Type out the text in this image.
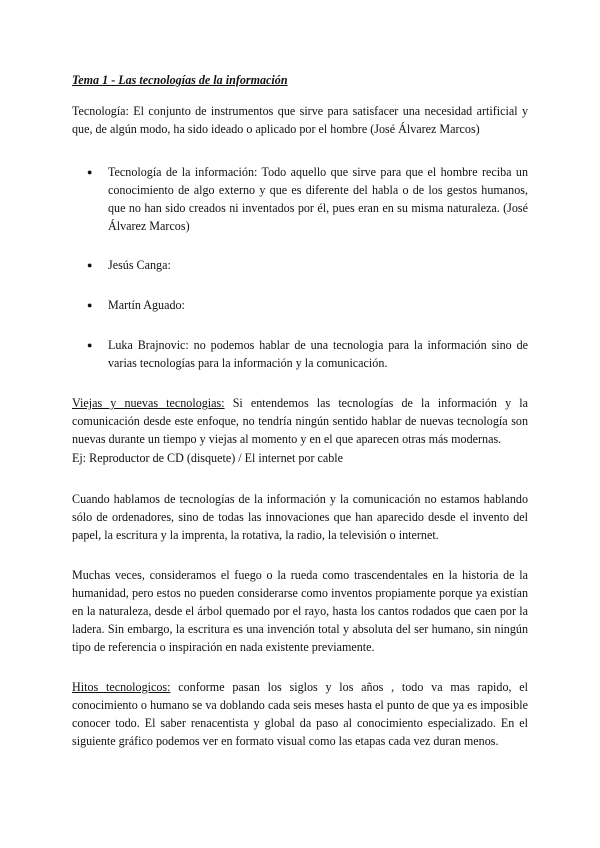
Tema 1 - Las tecnologías de la información
Tecnología: El conjunto de instrumentos que sirve para satisfacer una necesidad artificial y que, de algún modo, ha sido ideado o aplicado por el hombre (José Álvarez Marcos)
● Tecnología de la información: Todo aquello que sirve para que el hombre reciba un conocimiento de algo externo y que es diferente del habla o de los gestos humanos, que no han sido creados ni inventados por él, pues eran en su misma naturaleza. (José Álvarez Marcos)
● Jesús Canga:
● Martín Aguado:
● Luka Brajnovic: no podemos hablar de una tecnologia para la información sino de varias tecnologías para la información y la comunicación.
Viejas y nuevas tecnologias: Si entendemos las tecnologías de la información y la comunicación desde este enfoque, no tendría ningún sentido hablar de nuevas tecnología son nuevas durante un tiempo y viejas al momento y en el que aparecen otras más modernas.
Ej: Reproductor de CD (disquete) / El internet por cable
Cuando hablamos de tecnologías de la información y la comunicación no estamos hablando sólo de ordenadores, sino de todas las innovaciones que han aparecido desde el invento del papel, la escritura y la imprenta, la rotativa, la radio, la televisión o internet.
Muchas veces, consideramos el fuego o la rueda como trascendentales en la historia de la humanidad, pero estos no pueden considerarse como inventos propiamente porque ya existían en la naturaleza, desde el árbol quemado por el rayo, hasta los cantos rodados que caen por la ladera. Sin embargo, la escritura es una invención total y absoluta del ser humano, sin ningún tipo de referencia o inspiración en nada existente previamente.
Hitos tecnologicos: conforme pasan los siglos y los años , todo va mas rapido, el conocimiento o humano se va doblando cada seis meses hasta el punto de que ya es imposible conocer todo. El saber renacentista y global da paso al conocimiento especializado. En el siguiente gráfico podemos ver en formato visual como las etapas cada vez duran menos.
